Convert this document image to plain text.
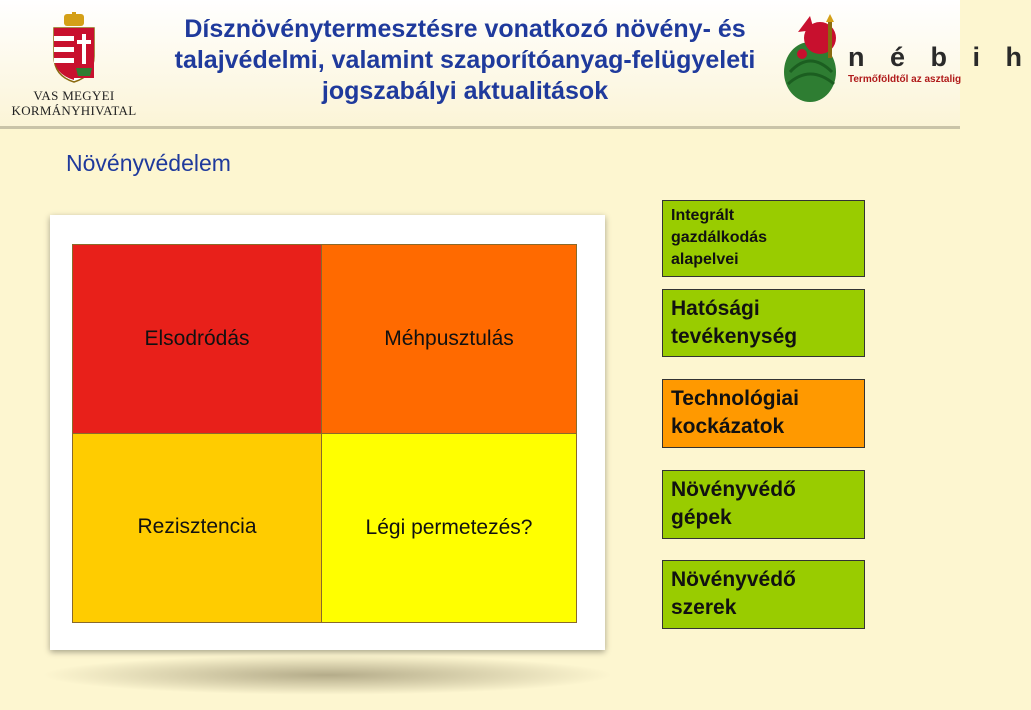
VAS MEGYEI
KORMÁNYHIVATAL
Dísznövénytermesztésre vonatkozó növény- és
talajvédelmi, valamint szaporítóanyag-felügyeleti
jogszabályi aktualitások
n é b i h
Termőföldtől az asztalig
Növényvédelem
Elsodródás	Méhpusztulás
Rezisztencia	Légi permetezés?
Integrált
gazdálkodás
alapelvei
Hatósági
tevékenység
Technológiai
kockázatok
Növényvédő
gépek
Növényvédő
szerek
